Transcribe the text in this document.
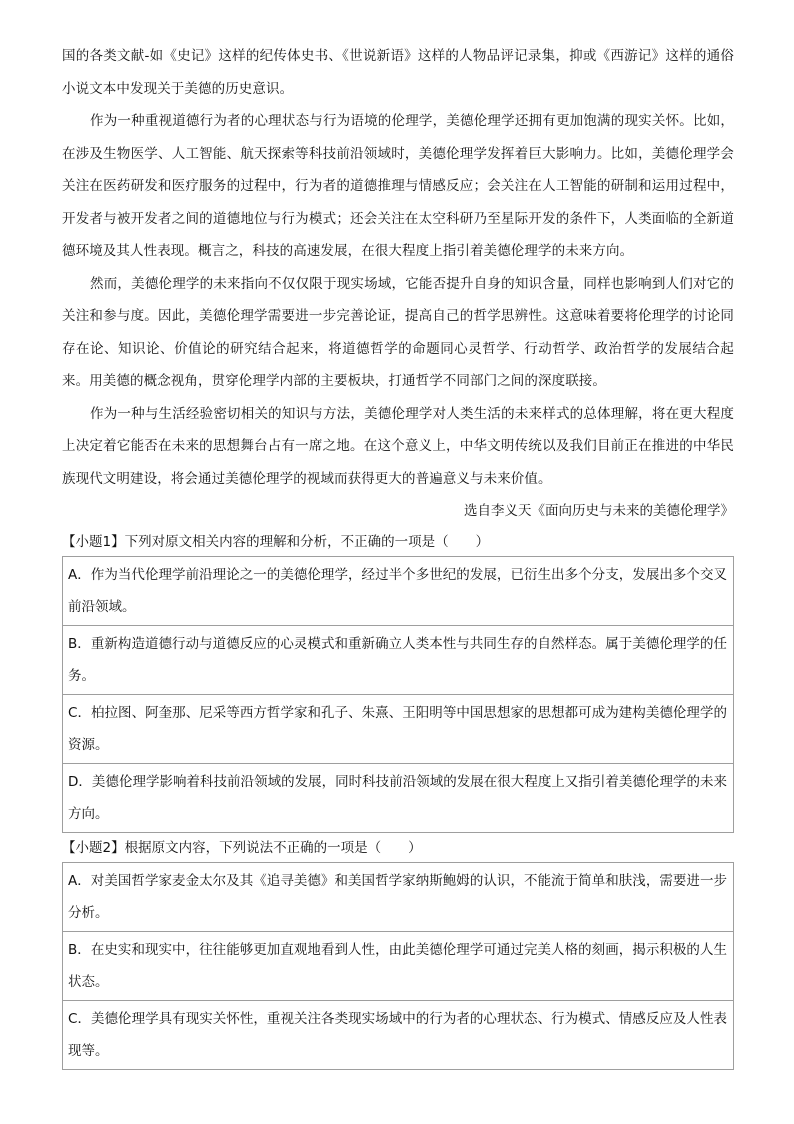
国的各类文献-如《史记》这样的纪传体史书、《世说新语》这样的人物品评记录集，抑或《西游记》这样的通俗小说文本中发现关于美德的历史意识。

作为一种重视道德行为者的心理状态与行为语境的伦理学，美德伦理学还拥有更加饱满的现实关怀。比如，在涉及生物医学、人工智能、航天探索等科技前沿领域时，美德伦理学发挥着巨大影响力。比如，美德伦理学会关注在医药研发和医疗服务的过程中，行为者的道德推理与情感反应；会关注在人工智能的研制和运用过程中，开发者与被开发者之间的道德地位与行为模式；还会关注在太空科研乃至星际开发的条件下，人类面临的全新道德环境及其人性表现。概言之，科技的高速发展，在很大程度上指引着美德伦理学的未来方向。

然而，美德伦理学的未来指向不仅仅限于现实场域，它能否提升自身的知识含量，同样也影响到人们对它的关注和参与度。因此，美德伦理学需要进一步完善论证，提高自己的哲学思辨性。这意味着要将伦理学的讨论同存在论、知识论、价值论的研究结合起来，将道德哲学的命题同心灵哲学、行动哲学、政治哲学的发展结合起来。用美德的概念视角，贯穿伦理学内部的主要板块，打通哲学不同部门之间的深度联接。

作为一种与生活经验密切相关的知识与方法，美德伦理学对人类生活的未来样式的总体理解，将在更大程度上决定着它能否在未来的思想舞台占有一席之地。在这个意义上，中华文明传统以及我们目前正在推进的中华民族现代文明建设，将会通过美德伦理学的视域而获得更大的普遍意义与未来价值。

选自李义天《面向历史与未来的美德伦理学》

【小题1】下列对原文相关内容的理解和分析，不正确的一项是（　　）

A．作为当代伦理学前沿理论之一的美德伦理学，经过半个多世纪的发展，已衍生出多个分支，发展出多个交叉前沿领域。
B．重新构造道德行动与道德反应的心灵模式和重新确立人类本性与共同生存的自然样态。属于美德伦理学的任务。
C．柏拉图、阿奎那、尼采等西方哲学家和孔子、朱熹、王阳明等中国思想家的思想都可成为建构美德伦理学的资源。
D．美德伦理学影响着科技前沿领域的发展，同时科技前沿领域的发展在很大程度上又指引着美德伦理学的未来方向。

【小题2】根据原文内容，下列说法不正确的一项是（　　）

A．对美国哲学家麦金太尔及其《追寻美德》和美国哲学家纳斯鲍姆的认识，不能流于简单和肤浅，需要进一步分析。
B．在史实和现实中，往往能够更加直观地看到人性，由此美德伦理学可通过完美人格的刻画，揭示积极的人生状态。
C．美德伦理学具有现实关怀性，重视关注各类现实场域中的行为者的心理状态、行为模式、情感反应及人性表现等。
